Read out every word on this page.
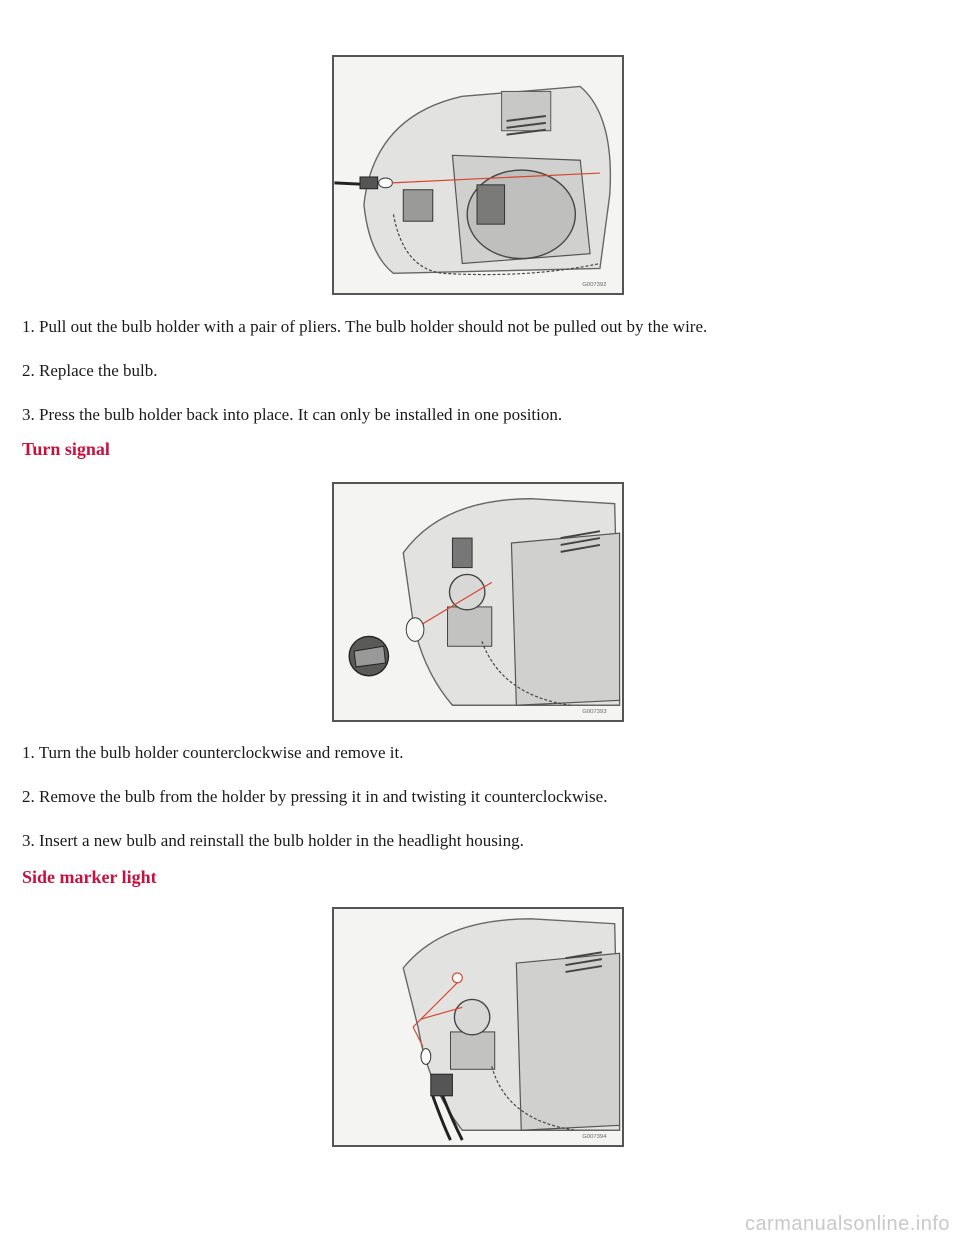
G007392

1. Pull out the bulb holder with a pair of pliers. The bulb holder should not be pulled out by the wire.

2. Replace the bulb.

3. Press the bulb holder back into place. It can only be installed in one position.

Turn signal
G007393

1. Turn the bulb holder counterclockwise and remove it.

2. Remove the bulb from the holder by pressing it in and twisting it counterclockwise.

3. Insert a new bulb and reinstall the bulb holder in the headlight housing.

Side marker light
G007394
carmanualsonline.info
